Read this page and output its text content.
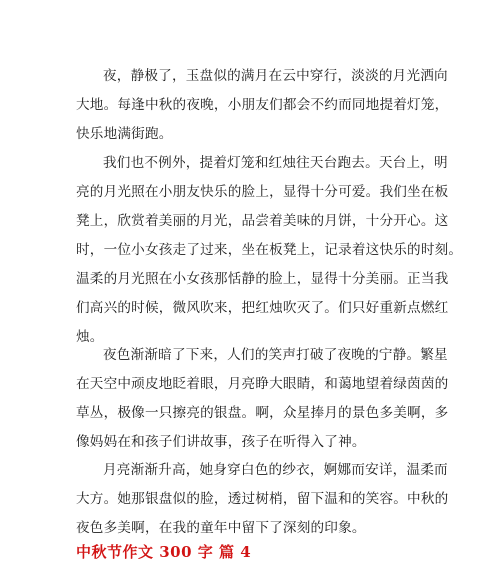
夜，静极了，玉盘似的满月在云中穿行，淡淡的月光洒向
大地。每逢中秋的夜晚，小朋友们都会不约而同地提着灯笼，
快乐地满街跑。
我们也不例外，提着灯笼和红烛往天台跑去。天台上，明
亮的月光照在小朋友快乐的脸上，显得十分可爱。我们坐在板
凳上，欣赏着美丽的月光，品尝着美味的月饼，十分开心。这
时，一位小女孩走了过来，坐在板凳上，记录着这快乐的时刻。
温柔的月光照在小女孩那恬静的脸上，显得十分美丽。正当我
们高兴的时候，微风吹来，把红烛吹灭了。们只好重新点燃红
烛。
夜色渐渐暗了下来，人们的笑声打破了夜晚的宁静。繁星
在天空中顽皮地眨着眼，月亮睁大眼睛，和蔼地望着绿茵茵的
草丛，极像一只擦亮的银盘。啊，众星捧月的景色多美啊，多
像妈妈在和孩子们讲故事，孩子在听得入了神。
月亮渐渐升高，她身穿白色的纱衣，婀娜而安详，温柔而
大方。她那银盘似的脸，透过树梢，留下温和的笑容。中秋的
夜色多美啊，在我的童年中留下了深刻的印象。
中秋节作文 300 字 篇 4
